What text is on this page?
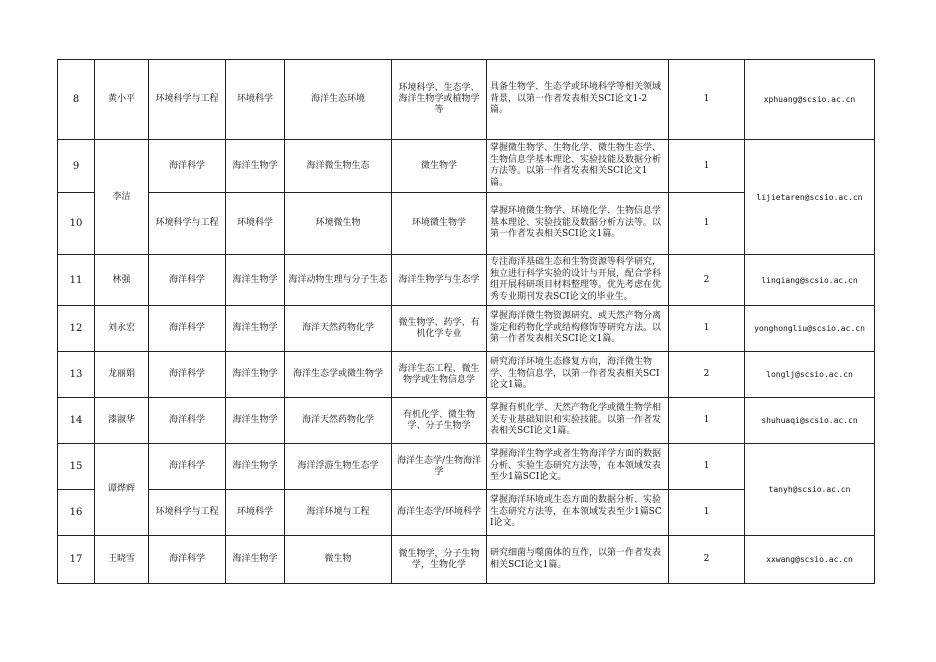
8	黄小平	环境科学与工程	环境科学	海洋生态环境	环境科学、生态学、海洋生物学或植物学等	具备生物学、生态学或环境科学等相关领域背景，以第一作者发表相关SCI论文1-2篇。	1	xphuang@scsio.ac.cn
9	李洁	海洋科学	海洋生物学	海洋微生物生态	微生物学	掌握微生物学、生物化学、微生物生态学、生物信息学基本理论、实验技能及数据分析方法等。以第一作者发表相关SCI论文1篇。	1	lijietaren@scsio.ac.cn
10		环境科学与工程	环境科学	环境微生物	环境微生物学	掌握环境微生物学、环境化学、生物信息学基本理论、实验技能及数据分析方法等。以第一作者发表相关SCI论文1篇。	1	
11	林强	海洋科学	海洋生物学	海洋动物生理与分子生态	海洋生物学与生态学	专注海洋基础生态和生物资源等科学研究，独立进行科学实验的设计与开展，配合学科组开展科研项目材料整理等。优先考虑在优秀专业期刊发表SCI论文的毕业生。	2	linqiang@scsio.ac.cn
12	刘永宏	海洋科学	海洋生物学	海洋天然药物化学	微生物学、药学、有机化学专业	掌握海洋微生物资源研究、或天然产物分离鉴定和药物化学或结构修饰等研究方法。以第一作者发表相关SCI论文1篇。	1	yonghongliu@scsio.ac.cn
13	龙丽娟	海洋科学	海洋生物学	海洋生态学或微生物学	海洋生态工程、微生物学或生物信息学	研究海洋环境生态修复方向，海洋微生物学、生物信息学，以第一作者发表相关SCI论文1篇。	2	longlj@scsio.ac.cn
14	漆淑华	海洋科学	海洋生物学	海洋天然药物化学	有机化学、微生物学、分子生物学	掌握有机化学、天然产物化学或微生物学相关专业基础知识和实验技能。以第一作者发表相关SCI论文1篇。	1	shuhuaqi@scsio.ac.cn
15	谭烨辉	海洋科学	海洋生物学	海洋浮游生物生态学	海洋生态学/生物海洋学	掌握海洋生物学或者生物海洋学方面的数据分析、实验生态研究方法等，在本领域发表至少1篇SCI论文。	1	tanyh@scsio.ac.cn
16		环境科学与工程	环境科学	海洋环境与工程	海洋生态学/环境科学	掌握海洋环境或生态方面的数据分析、实验生态研究方法等，在本领域发表至少1篇SCI论文。	1	
17	王晓雪	海洋科学	海洋生物学	微生物	微生物学，分子生物学，生物化学	研究细菌与噬菌体的互作，以第一作者发表相关SCI论文1篇。	2	xxwang@scsio.ac.cn
